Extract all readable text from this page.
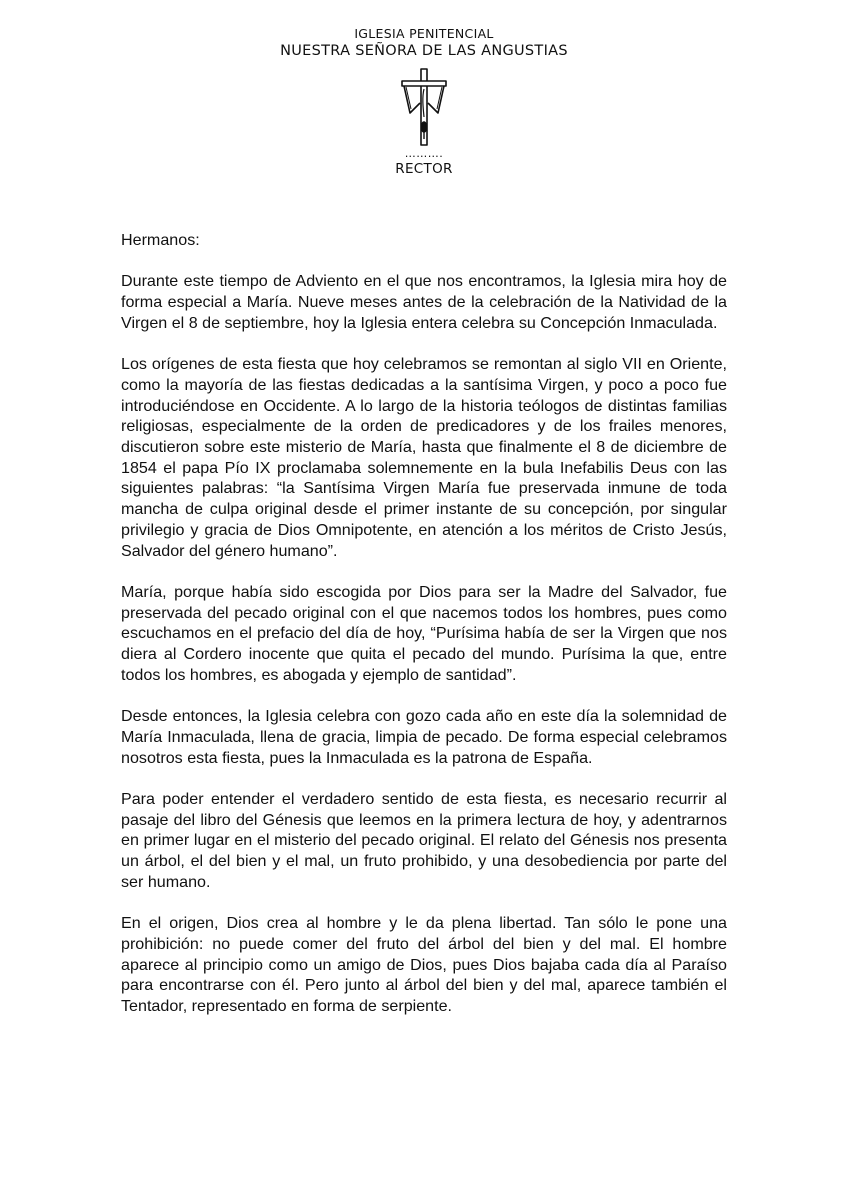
IGLESIA PENITENCIAL
NUESTRA SEÑORA DE LAS ANGUSTIAS
……….
RECTOR

Hermanos:

Durante este tiempo de Adviento en el que nos encontramos, la Iglesia mira hoy de forma especial a María. Nueve meses antes de la celebración de la Natividad de la Virgen el 8 de septiembre, hoy la Iglesia entera celebra su Concepción Inmaculada.

Los orígenes de esta fiesta que hoy celebramos se remontan al siglo VII en Oriente, como la mayoría de las fiestas dedicadas a la santísima Virgen, y poco a poco fue introduciéndose en Occidente. A lo largo de la historia teólogos de distintas familias religiosas, especialmente de la orden de predicadores y de los frailes menores, discutieron sobre este misterio de María, hasta que finalmente el 8 de diciembre de 1854 el papa Pío IX proclamaba solemnemente en la bula Inefabilis Deus con las siguientes palabras: “la Santísima Virgen María fue preservada inmune de toda mancha de culpa original desde el primer instante de su concepción, por singular privilegio y gracia de Dios Omnipotente, en atención a los méritos de Cristo Jesús, Salvador del género humano”.

María, porque había sido escogida por Dios para ser la Madre del Salvador, fue preservada del pecado original con el que nacemos todos los hombres, pues como escuchamos en el prefacio del día de hoy, “Purísima había de ser la Virgen que nos diera al Cordero inocente que quita el pecado del mundo. Purísima la que, entre todos los hombres, es abogada y ejemplo de santidad”.

Desde entonces, la Iglesia celebra con gozo cada año en este día la solemnidad de María Inmaculada, llena de gracia, limpia de pecado. De forma especial celebramos nosotros esta fiesta, pues la Inmaculada es la patrona de España.

Para poder entender el verdadero sentido de esta fiesta, es necesario recurrir al pasaje del libro del Génesis que leemos en la primera lectura de hoy, y adentrarnos en primer lugar en el misterio del pecado original. El relato del Génesis nos presenta un árbol, el del bien y el mal, un fruto prohibido, y una desobediencia por parte del ser humano.

En el origen, Dios crea al hombre y le da plena libertad. Tan sólo le pone una prohibición: no puede comer del fruto del árbol del bien y del mal. El hombre aparece al principio como un amigo de Dios, pues Dios bajaba cada día al Paraíso para encontrarse con él. Pero junto al árbol del bien y del mal, aparece también el Tentador, representado en forma de serpiente.
